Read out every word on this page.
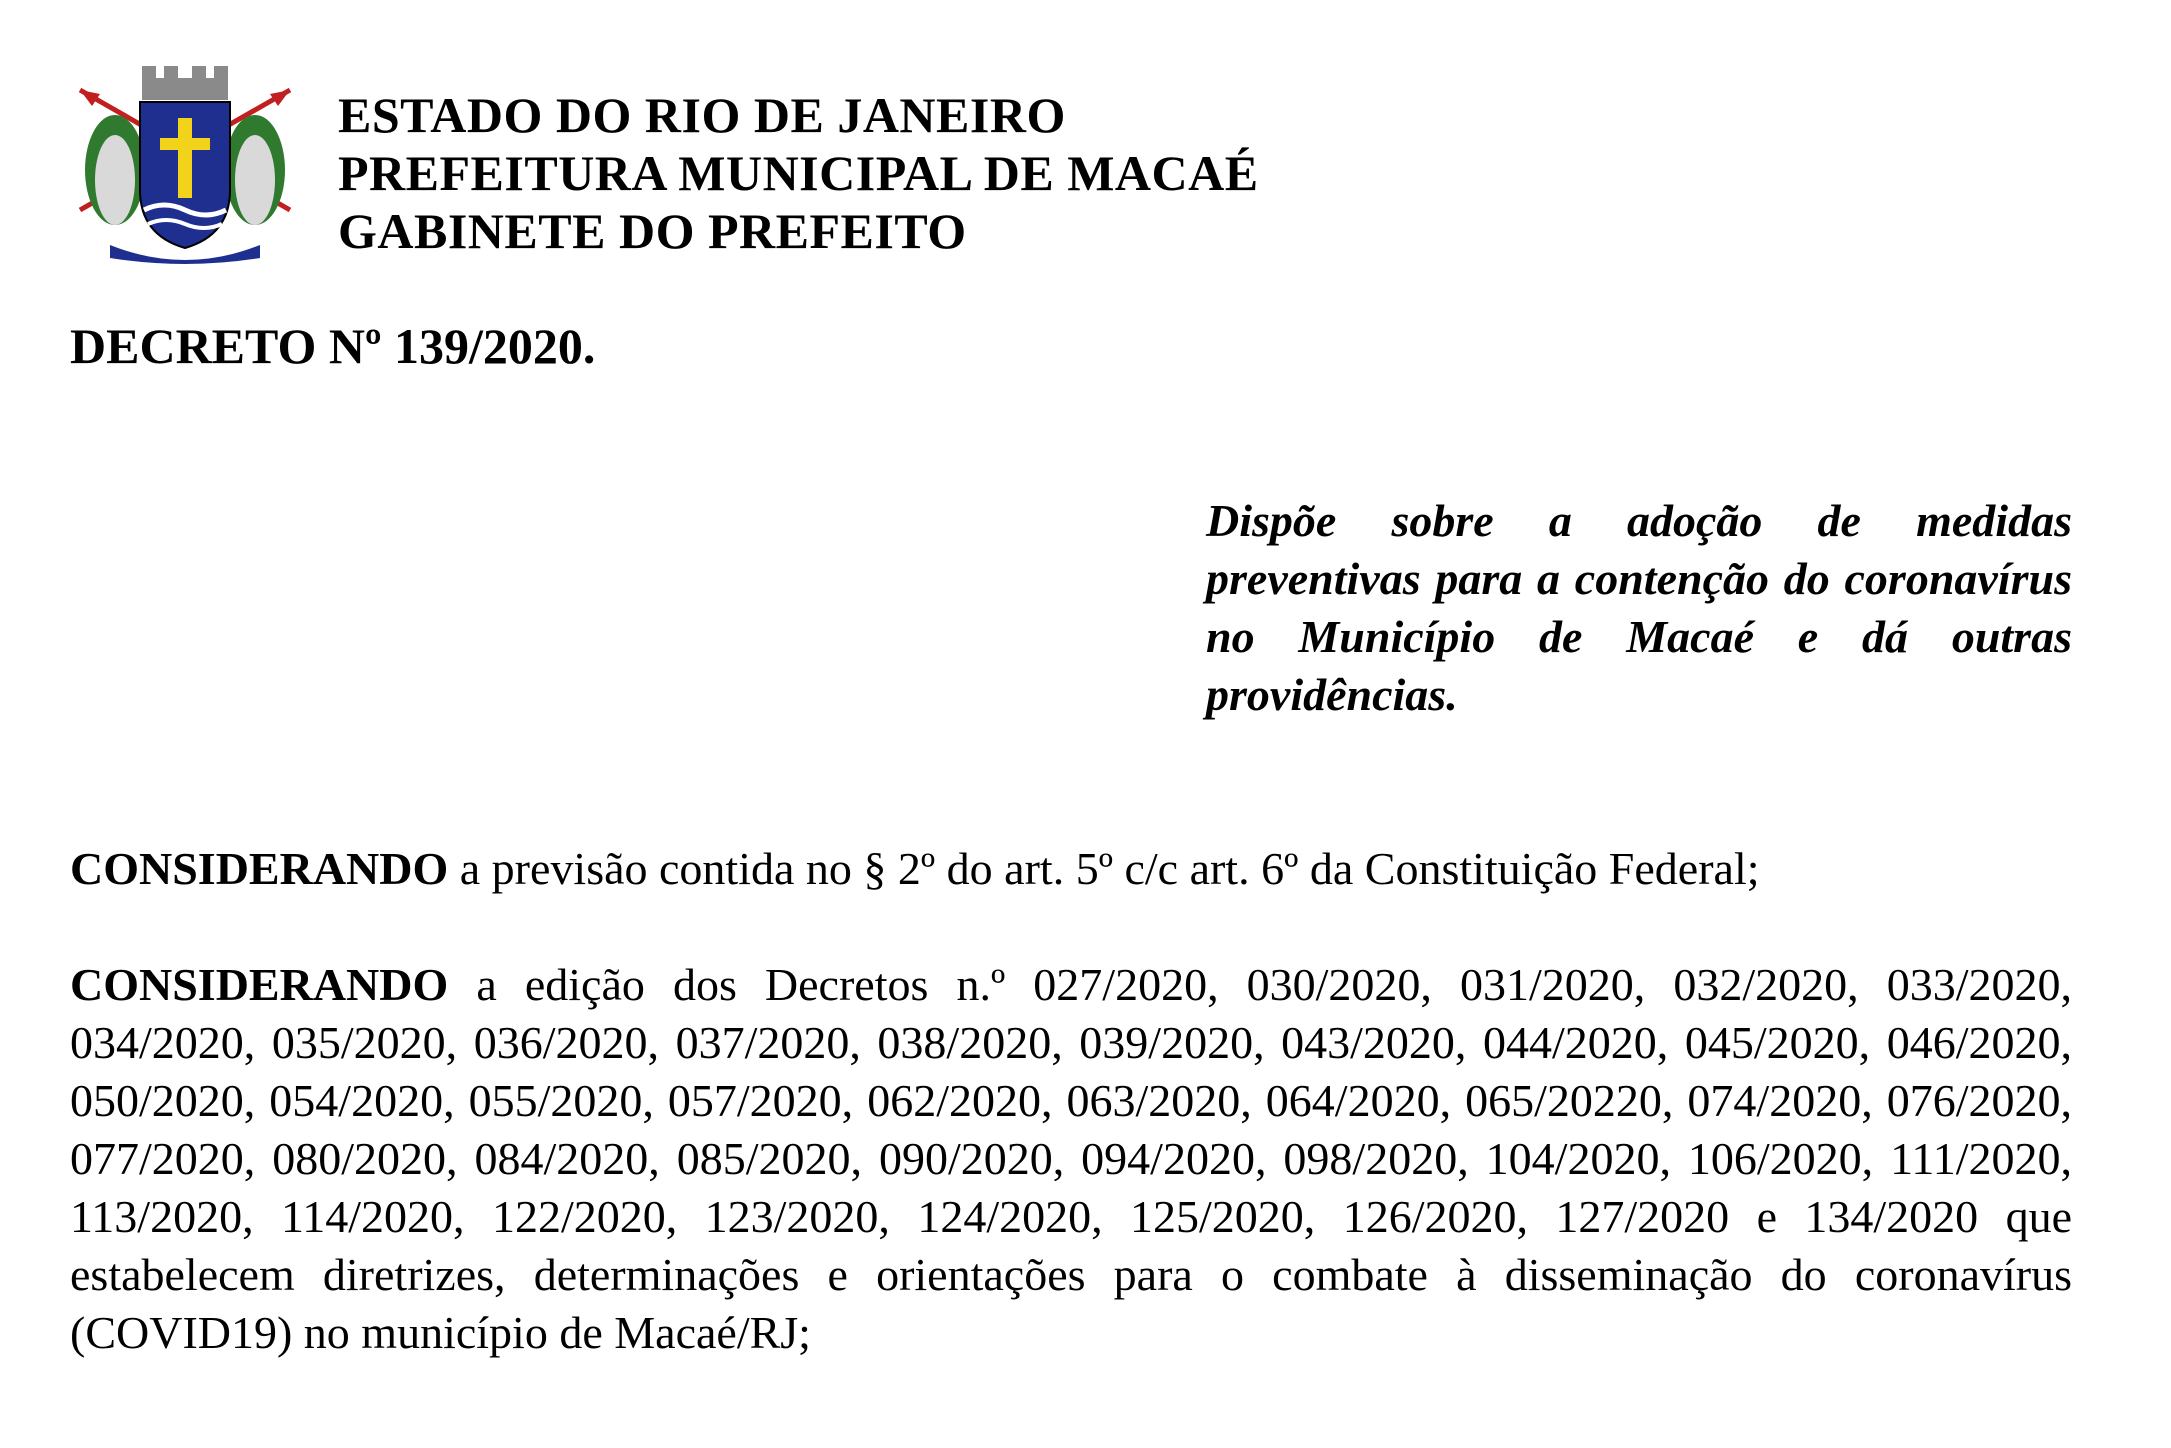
ESTADO DO RIO DE JANEIRO
PREFEITURA MUNICIPAL DE MACAÉ
GABINETE DO PREFEITO
DECRETO Nº 139/2020.
Dispõe sobre a adoção de medidas preventivas para a contenção do coronavírus no Município de Macaé e dá outras providências.
CONSIDERANDO a previsão contida no § 2º do art. 5º c/c art. 6º da Constituição Federal;
CONSIDERANDO a edição dos Decretos n.º 027/2020, 030/2020, 031/2020, 032/2020, 033/2020, 034/2020, 035/2020, 036/2020, 037/2020, 038/2020, 039/2020, 043/2020, 044/2020, 045/2020, 046/2020, 050/2020, 054/2020, 055/2020, 057/2020, 062/2020, 063/2020, 064/2020, 065/20220, 074/2020, 076/2020, 077/2020, 080/2020, 084/2020, 085/2020, 090/2020, 094/2020, 098/2020, 104/2020, 106/2020, 111/2020, 113/2020, 114/2020, 122/2020, 123/2020, 124/2020, 125/2020, 126/2020, 127/2020 e 134/2020 que estabelecem diretrizes, determinações e orientações para o combate à disseminação do coronavírus (COVID19) no município de Macaé/RJ;
